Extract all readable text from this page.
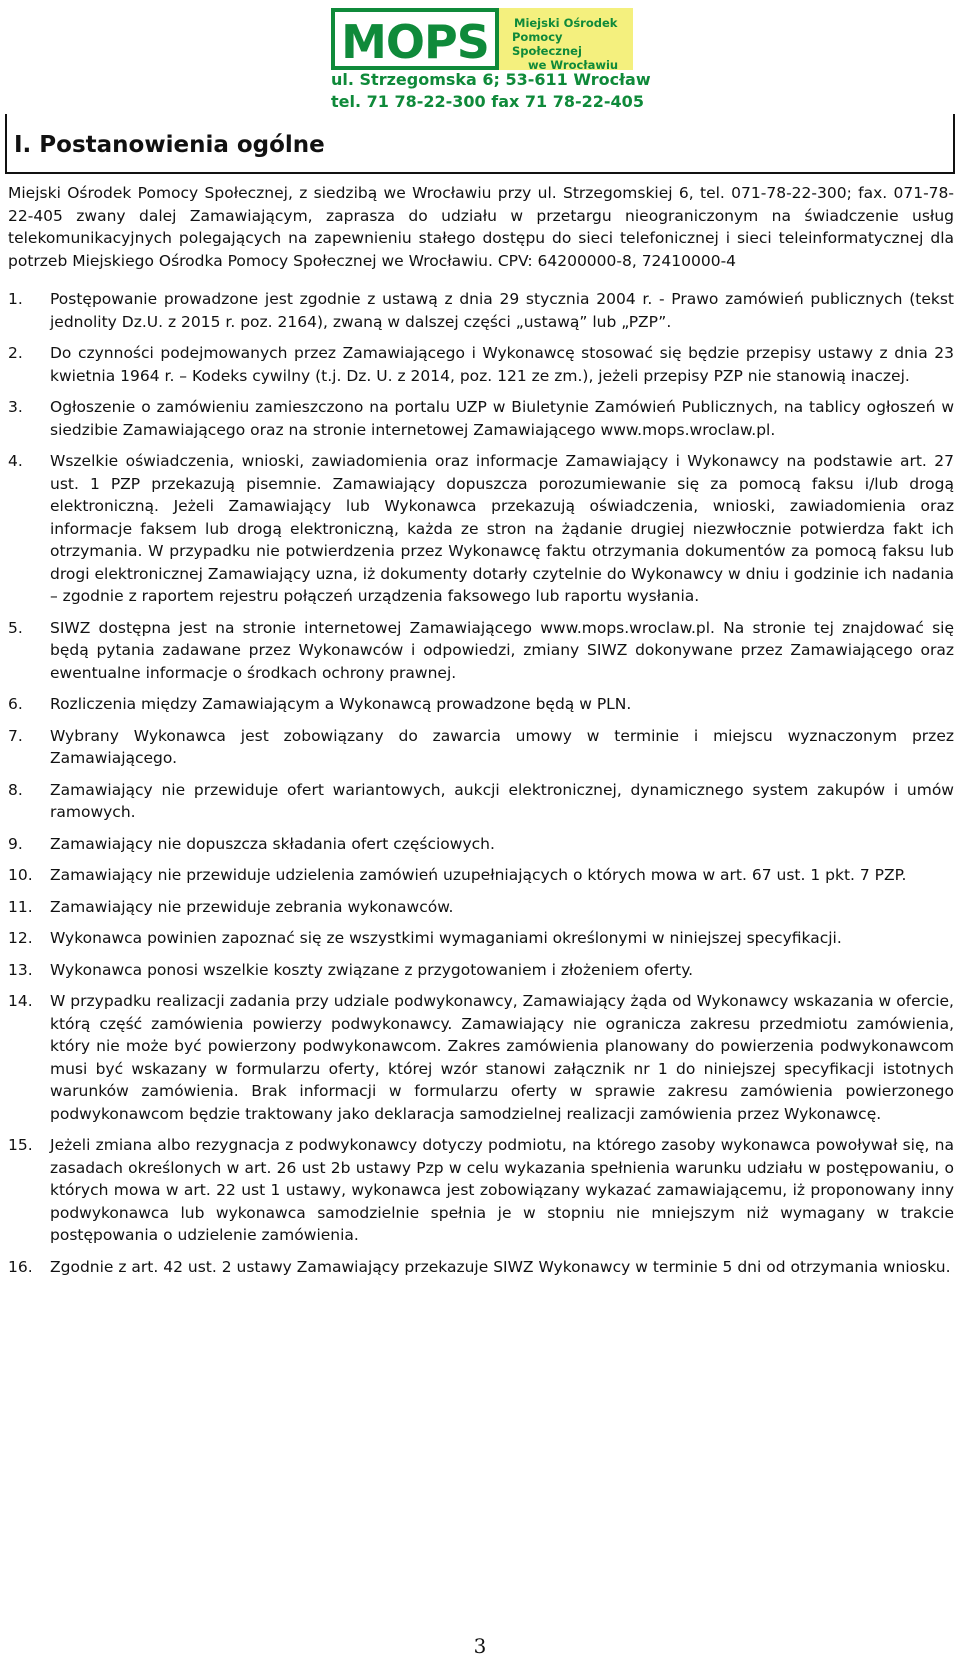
MOPS Miejski Ośrodek
Pomocy Społecznej
we Wrocławiu
ul. Strzegomska 6; 53-611 Wrocław
tel. 71 78-22-300 fax 71 78-22-405
I. Postanowienia ogólne

Miejski Ośrodek Pomocy Społecznej, z siedzibą we Wrocławiu przy ul. Strzegomskiej 6, tel. 071-78-22-300; fax. 071-78-22-405 zwany dalej Zamawiającym, zaprasza do udziału w przetargu nieograniczonym na świadczenie usług telekomunikacyjnych polegających na zapewnieniu stałego dostępu do sieci telefonicznej i sieci teleinformatycznej dla potrzeb Miejskiego Ośrodka Pomocy Społecznej we Wrocławiu. CPV: 64200000-8, 72410000-4

1. Postępowanie prowadzone jest zgodnie z ustawą z dnia 29 stycznia 2004 r. - Prawo zamówień publicznych (tekst jednolity Dz.U. z 2015 r. poz. 2164), zwaną w dalszej części „ustawą” lub „PZP”.
2. Do czynności podejmowanych przez Zamawiającego i Wykonawcę stosować się będzie przepisy ustawy z dnia 23 kwietnia 1964 r. – Kodeks cywilny (t.j. Dz. U. z 2014, poz. 121 ze zm.), jeżeli przepisy PZP nie stanowią inaczej.
3. Ogłoszenie o zamówieniu zamieszczono na portalu UZP w Biuletynie Zamówień Publicznych, na tablicy ogłoszeń w siedzibie Zamawiającego oraz na stronie internetowej Zamawiającego www.mops.wroclaw.pl.
4. Wszelkie oświadczenia, wnioski, zawiadomienia oraz informacje Zamawiający i Wykonawcy na podstawie art. 27 ust. 1 PZP przekazują pisemnie. Zamawiający dopuszcza porozumiewanie się za pomocą faksu i/lub drogą elektroniczną. Jeżeli Zamawiający lub Wykonawca przekazują oświadczenia, wnioski, zawiadomienia oraz informacje faksem lub drogą elektroniczną, każda ze stron na żądanie drugiej niezwłocznie potwierdza fakt ich otrzymania. W przypadku nie potwierdzenia przez Wykonawcę faktu otrzymania dokumentów za pomocą faksu lub drogi elektronicznej Zamawiający uzna, iż dokumenty dotarły czytelnie do Wykonawcy w dniu i godzinie ich nadania – zgodnie z raportem rejestru połączeń urządzenia faksowego lub raportu wysłania.
5. SIWZ dostępna jest na stronie internetowej Zamawiającego www.mops.wroclaw.pl. Na stronie tej znajdować się będą pytania zadawane przez Wykonawców i odpowiedzi, zmiany SIWZ dokonywane przez Zamawiającego oraz ewentualne informacje o środkach ochrony prawnej.
6. Rozliczenia między Zamawiającym a Wykonawcą prowadzone będą w PLN.
7. Wybrany Wykonawca jest zobowiązany do zawarcia umowy w terminie i miejscu wyznaczonym przez Zamawiającego.
8. Zamawiający nie przewiduje ofert wariantowych, aukcji elektronicznej, dynamicznego system zakupów i umów ramowych.
9. Zamawiający nie dopuszcza składania ofert częściowych.
10. Zamawiający nie przewiduje udzielenia zamówień uzupełniających o których mowa w art. 67 ust. 1 pkt. 7 PZP.
11. Zamawiający nie przewiduje zebrania wykonawców.
12. Wykonawca powinien zapoznać się ze wszystkimi wymaganiami określonymi w niniejszej specyfikacji.
13. Wykonawca ponosi wszelkie koszty związane z przygotowaniem i złożeniem oferty.
14. W przypadku realizacji zadania przy udziale podwykonawcy, Zamawiający żąda od Wykonawcy wskazania w ofercie, którą część zamówienia powierzy podwykonawcy. Zamawiający nie ogranicza zakresu przedmiotu zamówienia, który nie może być powierzony podwykonawcom. Zakres zamówienia planowany do powierzenia podwykonawcom musi być wskazany w formularzu oferty, której wzór stanowi załącznik nr 1 do niniejszej specyfikacji istotnych warunków zamówienia. Brak informacji w formularzu oferty w sprawie zakresu zamówienia powierzonego podwykonawcom będzie traktowany jako deklaracja samodzielnej realizacji zamówienia przez Wykonawcę.
15. Jeżeli zmiana albo rezygnacja z podwykonawcy dotyczy podmiotu, na którego zasoby wykonawca powoływał się, na zasadach określonych w art. 26 ust 2b ustawy Pzp w celu wykazania spełnienia warunku udziału w postępowaniu, o których mowa w art. 22 ust 1 ustawy, wykonawca jest zobowiązany wykazać zamawiającemu, iż proponowany inny podwykonawca lub wykonawca samodzielnie spełnia je w stopniu nie mniejszym niż wymagany w trakcie postępowania o udzielenie zamówienia.
16. Zgodnie z art. 42 ust. 2 ustawy Zamawiający przekazuje SIWZ Wykonawcy w terminie 5 dni od otrzymania wniosku.
3
